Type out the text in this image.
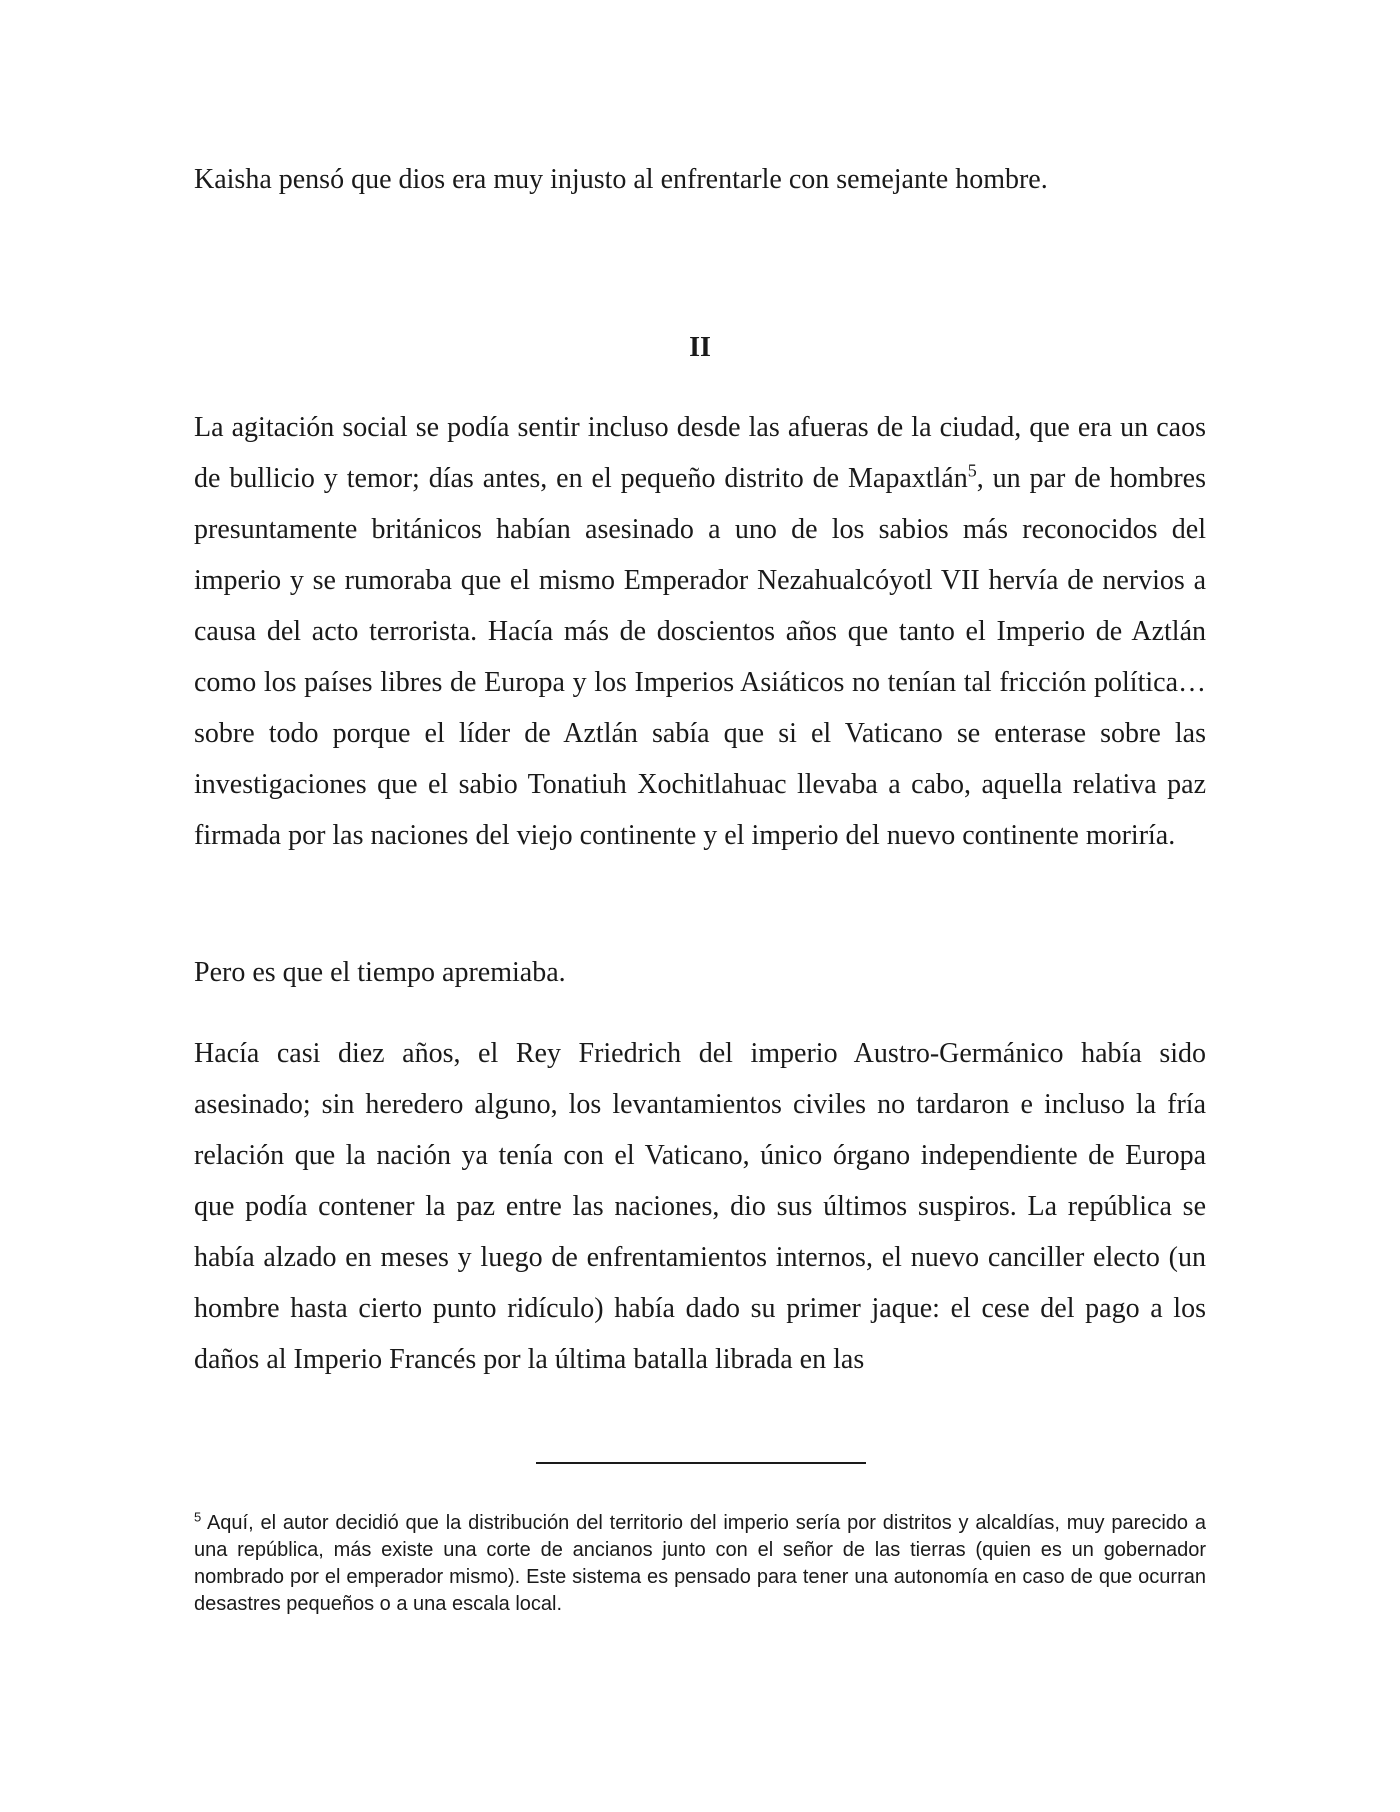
Kaisha pensó que dios era muy injusto al enfrentarle con semejante hombre.

II

La agitación social se podía sentir incluso desde las afueras de la ciudad, que era un caos de bullicio y temor; días antes, en el pequeño distrito de Mapaxtlán$^5$, un par de hombres presuntamente británicos habían asesinado a uno de los sabios más reconocidos del imperio y se rumoraba que el mismo Emperador Nezahualcóyotl VII hervía de nervios a causa del acto terrorista. Hacía más de doscientos años que tanto el Imperio de Aztlán como los países libres de Europa y los Imperios Asiáticos no tenían tal fricción política… sobre todo porque el líder de Aztlán sabía que si el Vaticano se enterase sobre las investigaciones que el sabio Tonatiuh Xochitlahuac llevaba a cabo, aquella relativa paz firmada por las naciones del viejo continente y el imperio del nuevo continente moriría.

Pero es que el tiempo apremiaba.

Hacía casi diez años, el Rey Friedrich del imperio Austro-Germánico había sido asesinado; sin heredero alguno, los levantamientos civiles no tardaron e incluso la fría relación que la nación ya tenía con el Vaticano, único órgano independiente de Europa que podía contener la paz entre las naciones, dio sus últimos suspiros. La república se había alzado en meses y luego de enfrentamientos internos, el nuevo canciller electo (un hombre hasta cierto punto ridículo) había dado su primer jaque: el cese del pago a los daños al Imperio Francés por la última batalla librada en las

$^5$ Aquí, el autor decidió que la distribución del territorio del imperio sería por distritos y alcaldías, muy parecido a una república, más existe una corte de ancianos junto con el señor de las tierras (quien es un gobernador nombrado por el emperador mismo). Este sistema es pensado para tener una autonomía en caso de que ocurran desastres pequeños o a una escala local.
